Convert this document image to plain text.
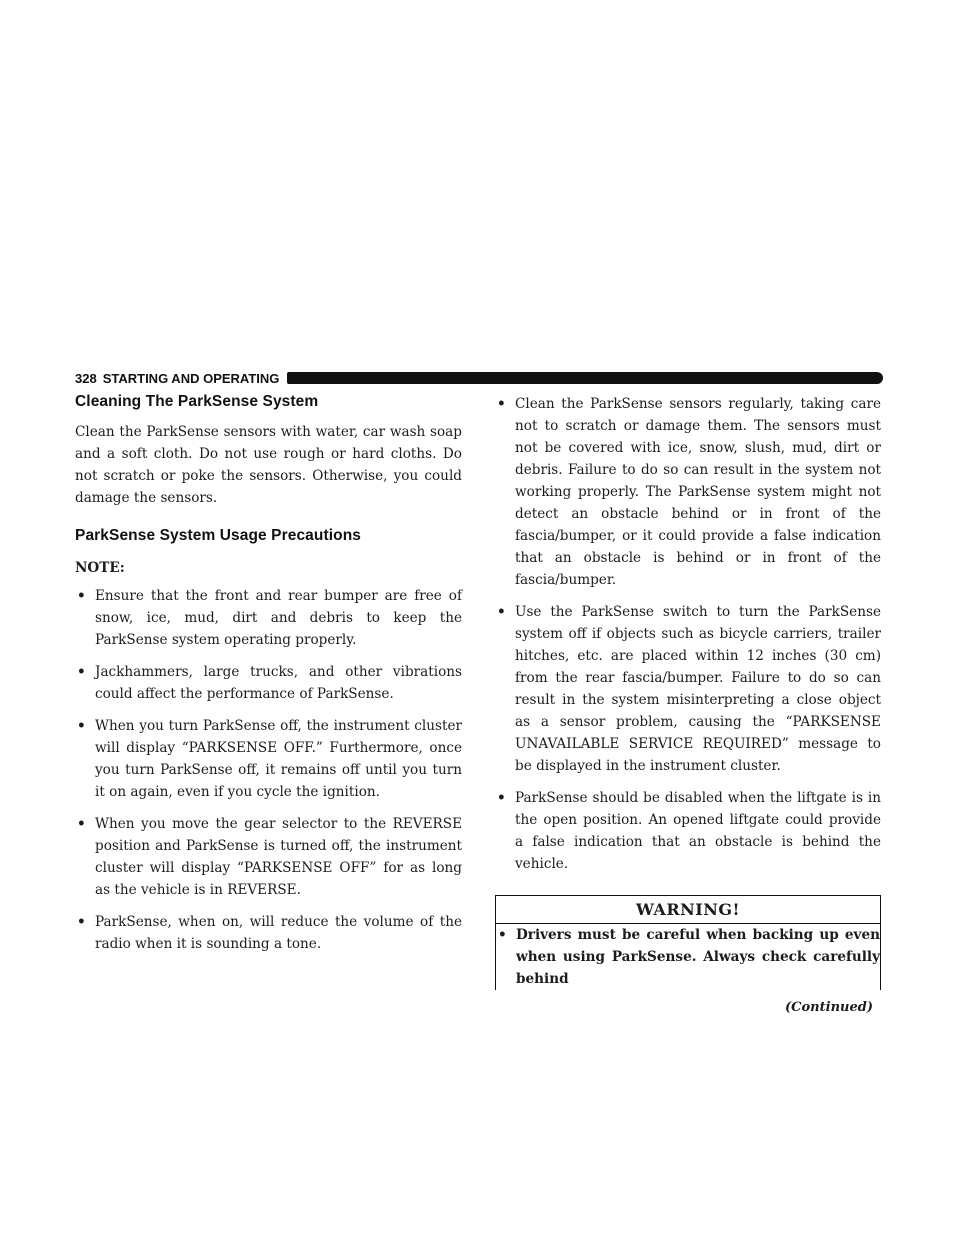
328 STARTING AND OPERATING
Cleaning The ParkSense System

Clean the ParkSense sensors with water, car wash soap and a soft cloth. Do not use rough or hard cloths. Do not scratch or poke the sensors. Otherwise, you could damage the sensors.

ParkSense System Usage Precautions
NOTE:
• Ensure that the front and rear bumper are free of snow, ice, mud, dirt and debris to keep the ParkSense system operating properly.
• Jackhammers, large trucks, and other vibrations could affect the performance of ParkSense.
• When you turn ParkSense off, the instrument cluster will display “PARKSENSE OFF.” Furthermore, once you turn ParkSense off, it remains off until you turn it on again, even if you cycle the ignition.
• When you move the gear selector to the REVERSE position and ParkSense is turned off, the instrument cluster will display “PARKSENSE OFF” for as long as the vehicle is in REVERSE.
• ParkSense, when on, will reduce the volume of the radio when it is sounding a tone.
• Clean the ParkSense sensors regularly, taking care not to scratch or damage them. The sensors must not be covered with ice, snow, slush, mud, dirt or debris. Failure to do so can result in the system not working properly. The ParkSense system might not detect an obstacle behind or in front of the fascia/bumper, or it could provide a false indication that an obstacle is behind or in front of the fascia/bumper.
• Use the ParkSense switch to turn the ParkSense system off if objects such as bicycle carriers, trailer hitches, etc. are placed within 12 inches (30 cm) from the rear fascia/bumper. Failure to do so can result in the system misinterpreting a close object as a sensor problem, causing the “PARKSENSE UNAVAILABLE SERVICE REQUIRED” message to be displayed in the instrument cluster.
• ParkSense should be disabled when the liftgate is in the open position. An opened liftgate could provide a false indication that an obstacle is behind the vehicle.
WARNING!
• Drivers must be careful when backing up even when using ParkSense. Always check carefully behind
(Continued)
